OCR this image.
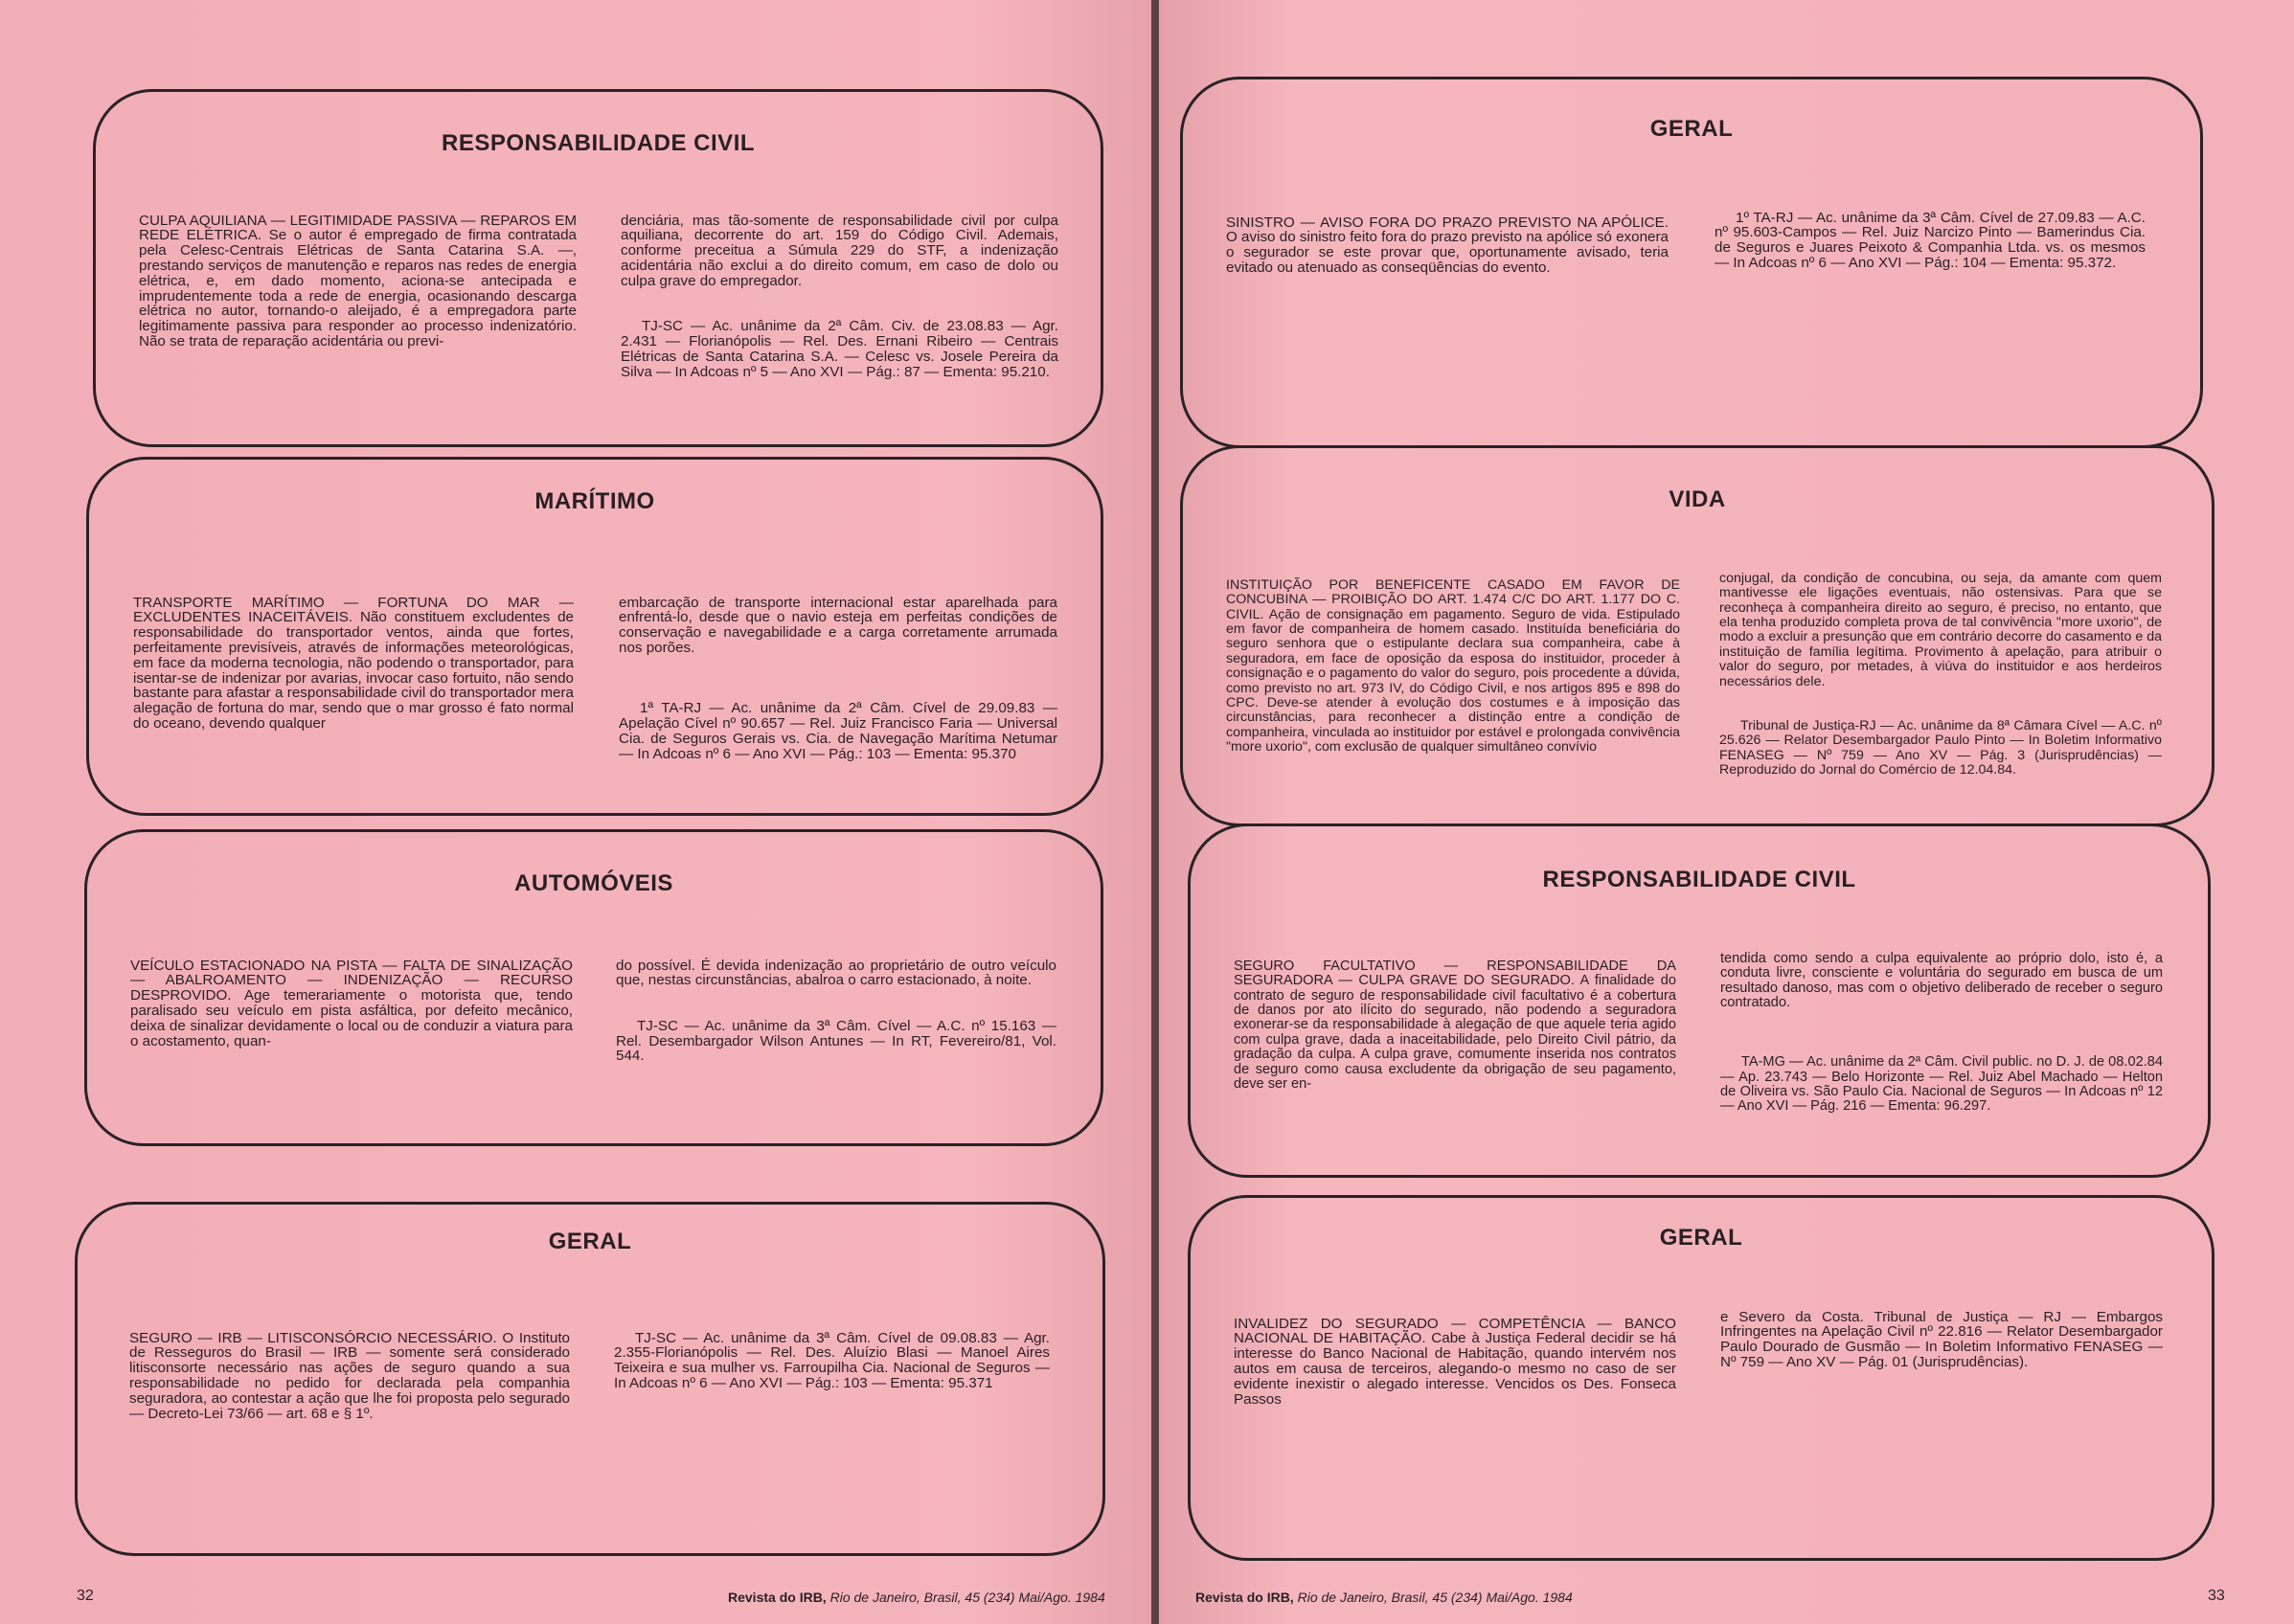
RESPONSABILIDADE CIVIL

CULPA AQUILIANA — LEGITIMIDADE PASSIVA — REPAROS EM REDE ELÉTRICA. Se o autor é empregado de firma contratada pela Celesc-Centrais Elétricas de Santa Catarina S.A. —, prestando serviços de manutenção e reparos nas redes de energia elétrica, e, em dado momento, aciona-se antecipada e imprudentemente toda a rede de energia, ocasionando descarga elétrica no autor, tornando-o aleijado, é a empregadora parte legitimamente passiva para responder ao processo indenizatório. Não se trata de reparação acidentária ou previ-

denciária, mas tão-somente de responsabilidade civil por culpa aquiliana, decorrente do art. 159 do Código Civil. Ademais, conforme preceitua a Súmula 229 do STF, a indenização acidentária não exclui a do direito comum, em caso de dolo ou culpa grave do empregador.

TJ-SC — Ac. unânime da 2ª Câm. Civ. de 23.08.83 — Agr. 2.431 — Florianópolis — Rel. Des. Ernani Ribeiro — Centrais Elétricas de Santa Catarina S.A. — Celesc vs. Josele Pereira da Silva — In Adcoas nº 5 — Ano XVI — Pág.: 87 — Ementa: 95.210.

MARÍTIMO

TRANSPORTE MARÍTIMO — FORTUNA DO MAR — EXCLUDENTES INACEITÁVEIS. Não constituem excludentes de responsabilidade do transportador ventos, ainda que fortes, perfeitamente previsíveis, através de informações meteorológicas, em face da moderna tecnologia, não podendo o transportador, para isentar-se de indenizar por avarias, invocar caso fortuito, não sendo bastante para afastar a responsabilidade civil do transportador mera alegação de fortuna do mar, sendo que o mar grosso é fato normal do oceano, devendo qualquer

embarcação de transporte internacional estar aparelhada para enfrentá-lo, desde que o navio esteja em perfeitas condições de conservação e navegabilidade e a carga corretamente arrumada nos porões.

1ª TA-RJ — Ac. unânime da 2ª Câm. Cível de 29.09.83 — Apelação Cível nº 90.657 — Rel. Juiz Francisco Faria — Universal Cia. de Seguros Gerais vs. Cia. de Navegação Marítima Netumar — In Adcoas nº 6 — Ano XVI — Pág.: 103 — Ementa: 95.370

AUTOMÓVEIS

VEÍCULO ESTACIONADO NA PISTA — FALTA DE SINALIZAÇÃO — ABALROAMENTO — INDENIZAÇÃO — RECURSO DESPROVIDO. Age temerariamente o motorista que, tendo paralisado seu veículo em pista asfáltica, por defeito mecânico, deixa de sinalizar devidamente o local ou de conduzir a viatura para o acostamento, quan-

do possível. É devida indenização ao proprietário de outro veículo que, nestas circunstâncias, abalroa o carro estacionado, à noite.

TJ-SC — Ac. unânime da 3ª Câm. Cível — A.C. nº 15.163 — Rel. Desembargador Wilson Antunes — In RT, Fevereiro/81, Vol. 544.

GERAL

SEGURO — IRB — LITISCONSÓRCIO NECESSÁRIO. O Instituto de Resseguros do Brasil — IRB — somente será considerado litisconsorte necessário nas ações de seguro quando a sua responsabilidade no pedido for declarada pela companhia seguradora, ao contestar a ação que lhe foi proposta pelo segurado — Decreto-Lei 73/66 — art. 68 e § 1º.

TJ-SC — Ac. unânime da 3ª Câm. Cível de 09.08.83 — Agr. 2.355-Florianópolis — Rel. Des. Aluízio Blasi — Manoel Aires Teixeira e sua mulher vs. Farroupilha Cia. Nacional de Seguros — In Adcoas nº 6 — Ano XVI — Pág.: 103 — Ementa: 95.371

32	Revista do IRB, Rio de Janeiro, Brasil, 45 (234) Mai/Ago. 1984
GERAL

SINISTRO — AVISO FORA DO PRAZO PREVISTO NA APÓLICE. O aviso do sinistro feito fora do prazo previsto na apólice só exonera o segurador se este provar que, oportunamente avisado, teria evitado ou atenuado as conseqüências do evento.

1º TA-RJ — Ac. unânime da 3ª Câm. Cível de 27.09.83 — A.C. nº 95.603-Campos — Rel. Juiz Narcizo Pinto — Bamerindus Cia. de Seguros e Juares Peixoto & Companhia Ltda. vs. os mesmos — In Adcoas nº 6 — Ano XVI — Pág.: 104 — Ementa: 95.372.

VIDA

INSTITUIÇÃO POR BENEFICENTE CASADO EM FAVOR DE CONCUBINA — PROIBIÇÃO DO ART. 1.474 C/C DO ART. 1.177 DO C. CIVIL. Ação de consignação em pagamento. Seguro de vida. Estipulado em favor de companheira de homem casado. Instituída beneficiária do seguro senhora que o estipulante declara sua companheira, cabe à seguradora, em face de oposição da esposa do instituidor, proceder à consignação e o pagamento do valor do seguro, pois procedente a dúvida, como previsto no art. 973 IV, do Código Civil, e nos artigos 895 e 898 do CPC. Deve-se atender à evolução dos costumes e à imposição das circunstâncias, para reconhecer a distinção entre a condição de companheira, vinculada ao instituidor por estável e prolongada convivência "more uxorio", com exclusão de qualquer simultâneo convívio

conjugal, da condição de concubina, ou seja, da amante com quem mantivesse ele ligações eventuais, não ostensivas. Para que se reconheça à companheira direito ao seguro, é preciso, no entanto, que ela tenha produzido completa prova de tal convivência "more uxorio", de modo a excluir a presunção que em contrário decorre do casamento e da instituição de família legítima. Provimento à apelação, para atribuir o valor do seguro, por metades, à viúva do instituidor e aos herdeiros necessários dele.

Tribunal de Justiça-RJ — Ac. unânime da 8ª Câmara Cível — A.C. nº 25.626 — Relator Desembargador Paulo Pinto — In Boletim Informativo FENASEG — Nº 759 — Ano XV — Pág. 3 (Jurisprudências) — Reproduzido do Jornal do Comércio de 12.04.84.

RESPONSABILIDADE CIVIL

SEGURO FACULTATIVO — RESPONSABILIDADE DA SEGURADORA — CULPA GRAVE DO SEGURADO. A finalidade do contrato de seguro de responsabilidade civil facultativo é a cobertura de danos por ato ilícito do segurado, não podendo a seguradora exonerar-se da responsabilidade à alegação de que aquele teria agido com culpa grave, dada a inaceitabilidade, pelo Direito Civil pátrio, da gradação da culpa. A culpa grave, comumente inserida nos contratos de seguro como causa excludente da obrigação de seu pagamento, deve ser en-

tendida como sendo a culpa equivalente ao próprio dolo, isto é, a conduta livre, consciente e voluntária do segurado em busca de um resultado danoso, mas com o objetivo deliberado de receber o seguro contratado.

TA-MG — Ac. unânime da 2ª Câm. Civil public. no D. J. de 08.02.84 — Ap. 23.743 — Belo Horizonte — Rel. Juiz Abel Machado — Helton de Oliveira vs. São Paulo Cia. Nacional de Seguros — In Adcoas nº 12 — Ano XVI — Pág. 216 — Ementa: 96.297.

GERAL

INVALIDEZ DO SEGURADO — COMPETÊNCIA — BANCO NACIONAL DE HABITAÇÃO. Cabe à Justiça Federal decidir se há interesse do Banco Nacional de Habitação, quando intervém nos autos em causa de terceiros, alegando-o mesmo no caso de ser evidente inexistir o alegado interesse. Vencidos os Des. Fonseca Passos

e Severo da Costa. Tribunal de Justiça — RJ — Embargos Infringentes na Apelação Civil nº 22.816 — Relator Desembargador Paulo Dourado de Gusmão — In Boletim Informativo FENASEG — Nº 759 — Ano XV — Pág. 01 (Jurisprudências).

Revista do IRB, Rio de Janeiro, Brasil, 45 (234) Mai/Ago. 1984	33
